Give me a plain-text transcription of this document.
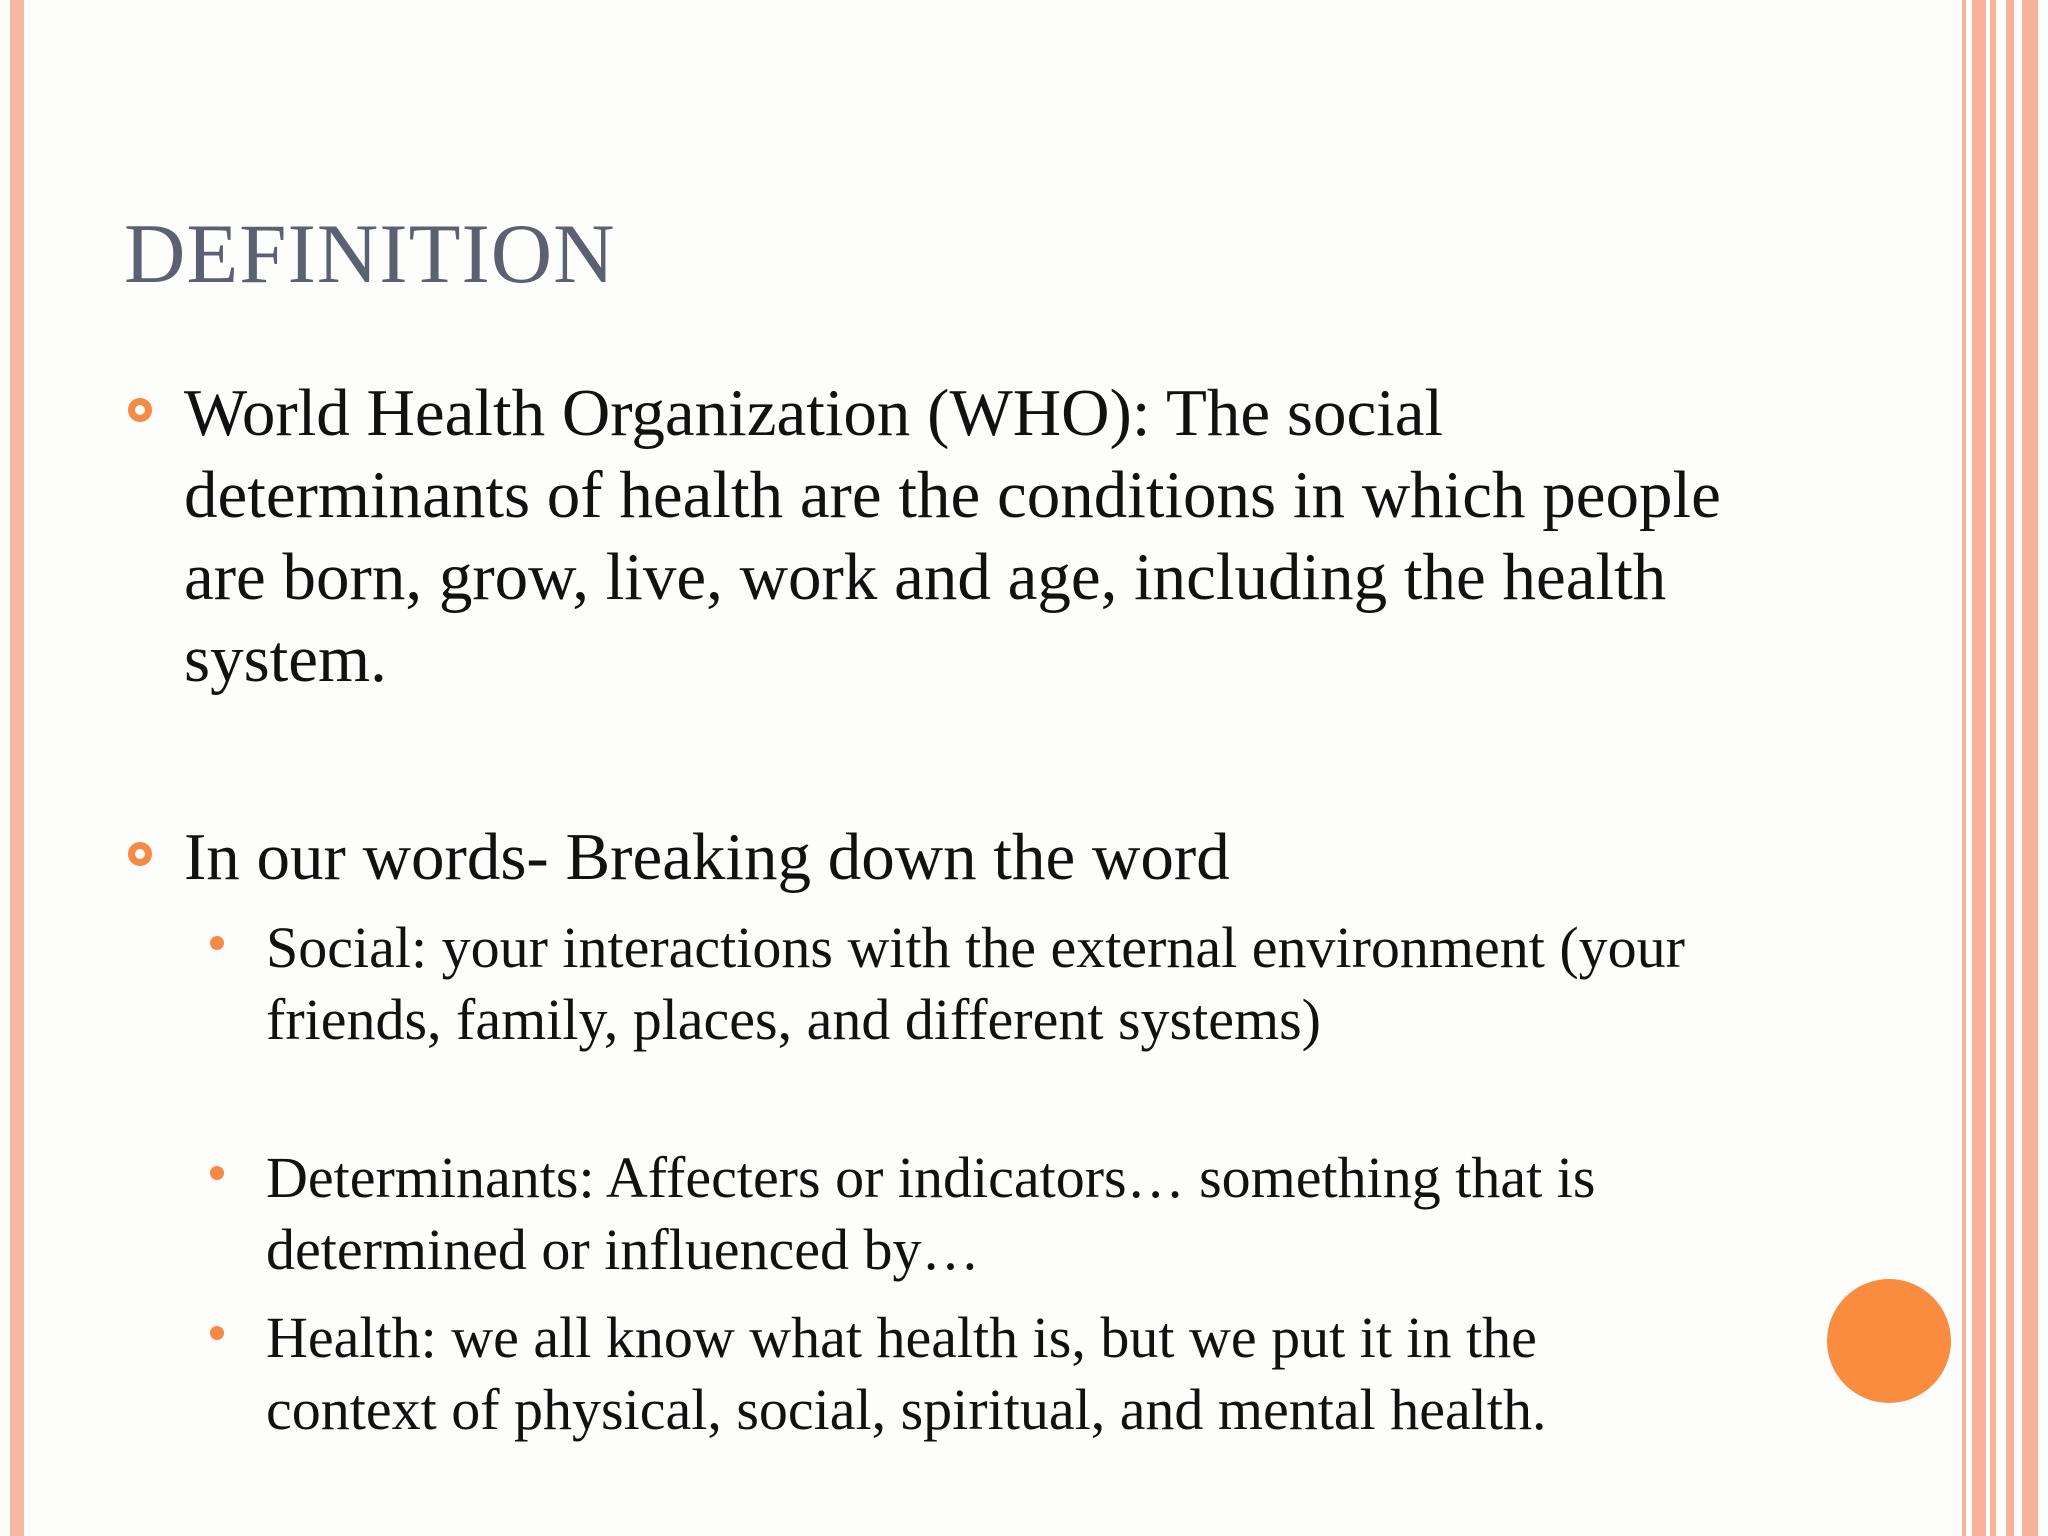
DEFINITION

World Health Organization (WHO): The social determinants of health are the conditions in which people are born, grow, live, work and age, including the health system.

In our words- Breaking down the word

Social: your interactions with the external environment (your friends, family, places, and different systems)

Determinants: Affecters or indicators… something that is determined or influenced by…

Health: we all know what health is, but we put it in the context of physical, social, spiritual, and mental health.
